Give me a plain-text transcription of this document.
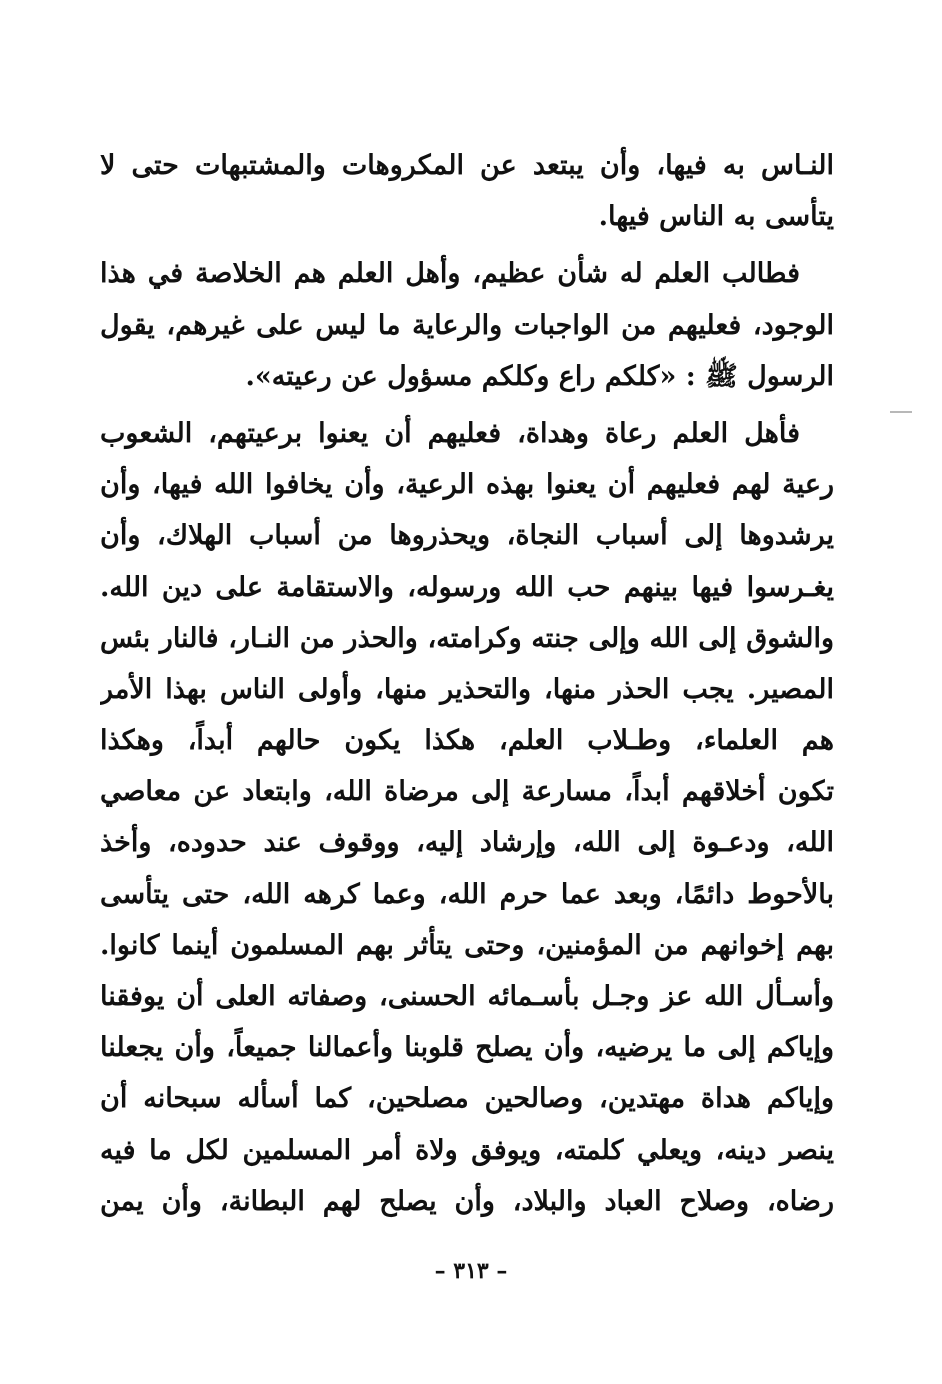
النـاس به فيها، وأن يبتعد عن المكروهات والمشتبهات حتى لا
يتأسى به الناس فيها.
فطالب العلم له شأن عظيم، وأهل العلم هم الخلاصة في هذا
الوجود، فعليهم من الواجبات والرعاية ما ليس على غيرهم، يقول
الرسول ﷺ : «كلكم راع وكلكم مسؤول عن رعيته».
فأهل العلم رعاة وهداة، فعليهم أن يعنوا برعيتهم، الشعوب
رعية لهم فعليهم أن يعنوا بهذه الرعية، وأن يخافوا الله فيها، وأن
يرشدوها إلى أسباب النجاة، ويحذروها من أسباب الهلاك، وأن
يغـرسوا فيها بينهم حب الله ورسوله، والاستقامة على دين الله.
والشوق إلى الله وإلى جنته وكرامته، والحذر من النـار، فالنار بئس
المصير. يجب الحذر منها، والتحذير منها، وأولى الناس بهذا الأمر
هم العلماء، وطـلاب العلم، هكذا يكون حالهم أبداً، وهكذا
تكون أخلاقهم أبداً، مسارعة إلى مرضاة الله، وابتعاد عن معاصي
الله، ودعـوة إلى الله، وإرشاد إليه، ووقوف عند حدوده، وأخذ
بالأحوط دائمًا، وبعد عما حرم الله، وعما كرهه الله، حتى يتأسى
بهم إخوانهم من المؤمنين، وحتى يتأثر بهم المسلمون أينما كانوا.
وأسـأل الله عز وجـل بأسـمائه الحسنى، وصفاته العلى أن يوفقنا
وإياكم إلى ما يرضيه، وأن يصلح قلوبنا وأعمالنا جميعاً، وأن يجعلنا
وإياكم هداة مهتدين، وصالحين مصلحين، كما أسأله سبحانه أن
ينصر دينه، ويعلي كلمته، ويوفق ولاة أمر المسلمين لكل ما فيه
رضاه، وصلاح العباد والبلاد، وأن يصلح لهم البطانة، وأن يمن
– ٣١٣ –
